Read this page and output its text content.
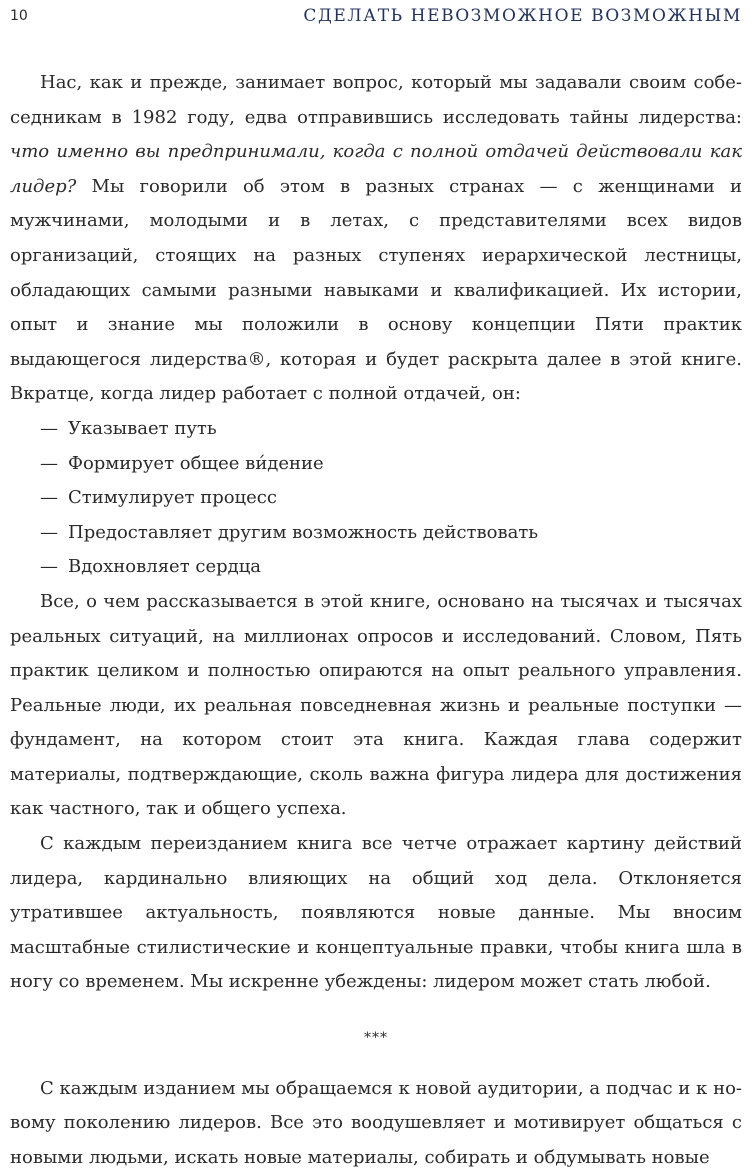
10	СДЕЛАТЬ НЕВОЗМОЖНОЕ ВОЗМОЖНЫМ

Нас, как и прежде, занимает вопрос, который мы задавали своим собеседникам в 1982 году, едва отправившись исследовать тайны лидерства: что именно вы предпринимали, когда с полной отдачей действовали как лидер? Мы говорили об этом в разных странах — с женщинами и мужчинами, молодыми и в летах, с представителями всех видов организаций, стоящих на разных ступенях иерархической лестницы, обладающих самыми разными навыками и квалификацией. Их истории, опыт и знание мы положили в основу концепции Пяти практик выдающегося лидерства®, которая и будет раскрыта далее в этой книге. Вкратце, когда лидер работает с полной отдачей, он:

— Указывает путь
— Формирует общее ви́дение
— Стимулирует процесс
— Предоставляет другим возможность действовать
— Вдохновляет сердца

Все, о чем рассказывается в этой книге, основано на тысячах и тысячах реальных ситуаций, на миллионах опросов и исследований. Словом, Пять практик целиком и полностью опираются на опыт реального управления. Реальные люди, их реальная повседневная жизнь и реальные поступки — фундамент, на котором стоит эта книга. Каждая глава содержит материалы, подтверждающие, сколь важна фигура лидера для достижения как частного, так и общего успеха.

С каждым переизданием книга все четче отражает картину действий лидера, кардинально влияющих на общий ход дела. Отклоняется утратившее актуальность, появляются новые данные. Мы вносим масштабные стилистические и концептуальные правки, чтобы книга шла в ногу со временем. Мы искренне убеждены: лидером может стать любой.

***

С каждым изданием мы обращаемся к новой аудитории, а подчас и к новому поколению лидеров. Все это воодушевляет и мотивирует общаться с новыми людьми, искать новые материалы, собирать и обдумывать новые
